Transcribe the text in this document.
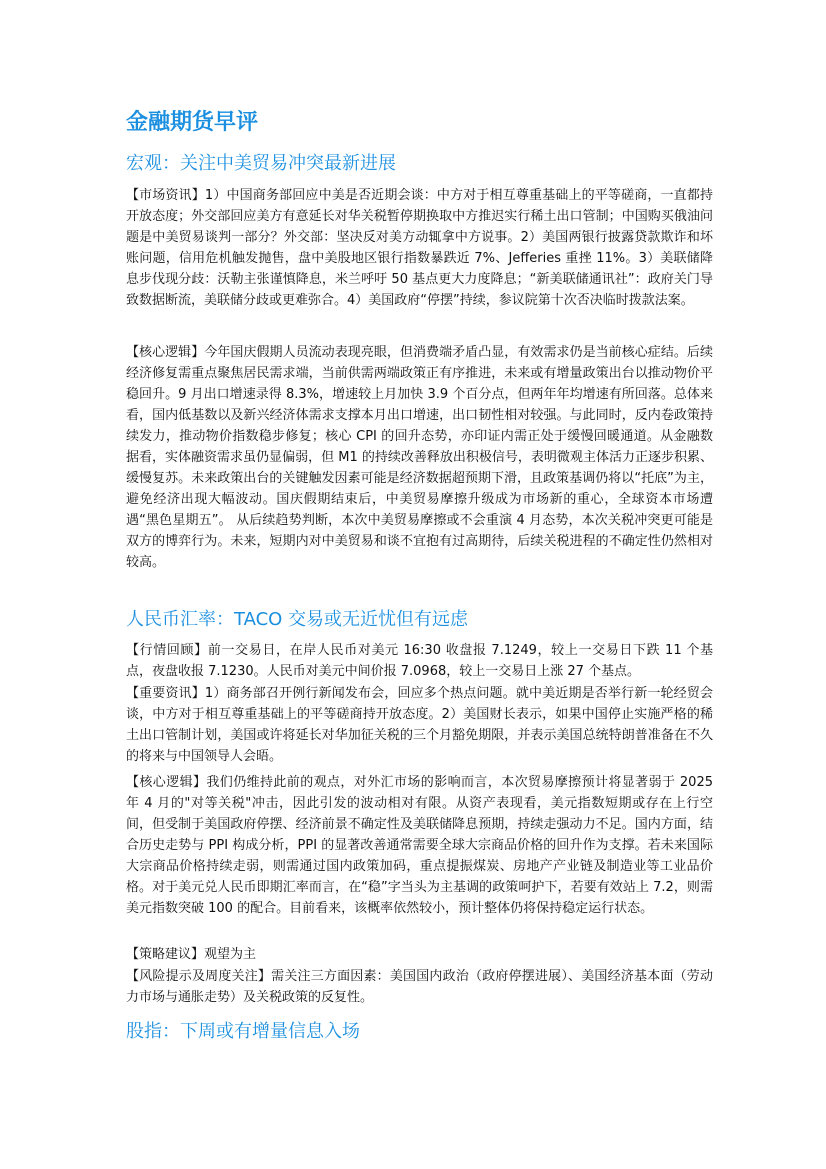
金融期货早评
宏观：关注中美贸易冲突最新进展
【市场资讯】1）中国商务部回应中美是否近期会谈：中方对于相互尊重基础上的平等磋商，一直都持开放态度；外交部回应美方有意延长对华关税暂停期换取中方推迟实行稀土出口管制；中国购买俄油问题是中美贸易谈判一部分？外交部：坚决反对美方动辄拿中方说事。2）美国两银行披露贷款欺诈和坏账问题，信用危机触发抛售，盘中美股地区银行指数暴跌近 7%、Jefferies 重挫 11%。3）美联储降息步伐现分歧：沃勒主张谨慎降息，米兰呼吁 50 基点更大力度降息；“新美联储通讯社”：政府关门导致数据断流，美联储分歧或更难弥合。4）美国政府“停摆”持续，参议院第十次否决临时拨款法案。
【核心逻辑】今年国庆假期人员流动表现亮眼，但消费端矛盾凸显，有效需求仍是当前核心症结。后续经济修复需重点聚焦居民需求端，当前供需两端政策正有序推进，未来或有增量政策出台以推动物价平稳回升。9 月出口增速录得 8.3%，增速较上月加快 3.9 个百分点，但两年年均增速有所回落。总体来看，国内低基数以及新兴经济体需求支撑本月出口增速，出口韧性相对较强。与此同时，反内卷政策持续发力，推动物价指数稳步修复；核心 CPI 的回升态势，亦印证内需正处于缓慢回暖通道。从金融数据看，实体融资需求虽仍显偏弱，但 M1 的持续改善释放出积极信号，表明微观主体活力正逐步积累、缓慢复苏。未来政策出台的关键触发因素可能是经济数据超预期下滑，且政策基调仍将以“托底”为主，避免经济出现大幅波动。国庆假期结束后，中美贸易摩擦升级成为市场新的重心，全球资本市场遭遇“黑色星期五”。 从后续趋势判断，本次中美贸易摩擦或不会重演 4 月态势，本次关税冲突更可能是双方的博弈行为。未来，短期内对中美贸易和谈不宜抱有过高期待，后续关税进程的不确定性仍然相对较高。
人民币汇率：TACO 交易或无近忧但有远虑
【行情回顾】前一交易日，在岸人民币对美元 16:30 收盘报 7.1249，较上一交易日下跌 11 个基点，夜盘收报 7.1230。人民币对美元中间价报 7.0968，较上一交易日上涨 27 个基点。
【重要资讯】1）商务部召开例行新闻发布会，回应多个热点问题。就中美近期是否举行新一轮经贸会谈，中方对于相互尊重基础上的平等磋商持开放态度。2）美国财长表示，如果中国停止实施严格的稀土出口管制计划，美国或许将延长对华加征关税的三个月豁免期限，并表示美国总统特朗普准备在不久的将来与中国领导人会晤。
【核心逻辑】我们仍维持此前的观点，对外汇市场的影响而言，本次贸易摩擦预计将显著弱于 2025 年 4 月的"对等关税"冲击，因此引发的波动相对有限。从资产表现看，美元指数短期或存在上行空间，但受制于美国政府停摆、经济前景不确定性及美联储降息预期，持续走强动力不足。国内方面，结合历史走势与 PPI 构成分析，PPI 的显著改善通常需要全球大宗商品价格的回升作为支撑。若未来国际大宗商品价格持续走弱，则需通过国内政策加码，重点提振煤炭、房地产产业链及制造业等工业品价格。对于美元兑人民币即期汇率而言，在“稳”字当头为主基调的政策呵护下，若要有效站上 7.2，则需美元指数突破 100 的配合。目前看来，该概率依然较小，预计整体仍将保持稳定运行状态。
【策略建议】观望为主
【风险提示及周度关注】需关注三方面因素：美国国内政治（政府停摆进展）、美国经济基本面（劳动力市场与通胀走势）及关税政策的反复性。
股指：下周或有增量信息入场
